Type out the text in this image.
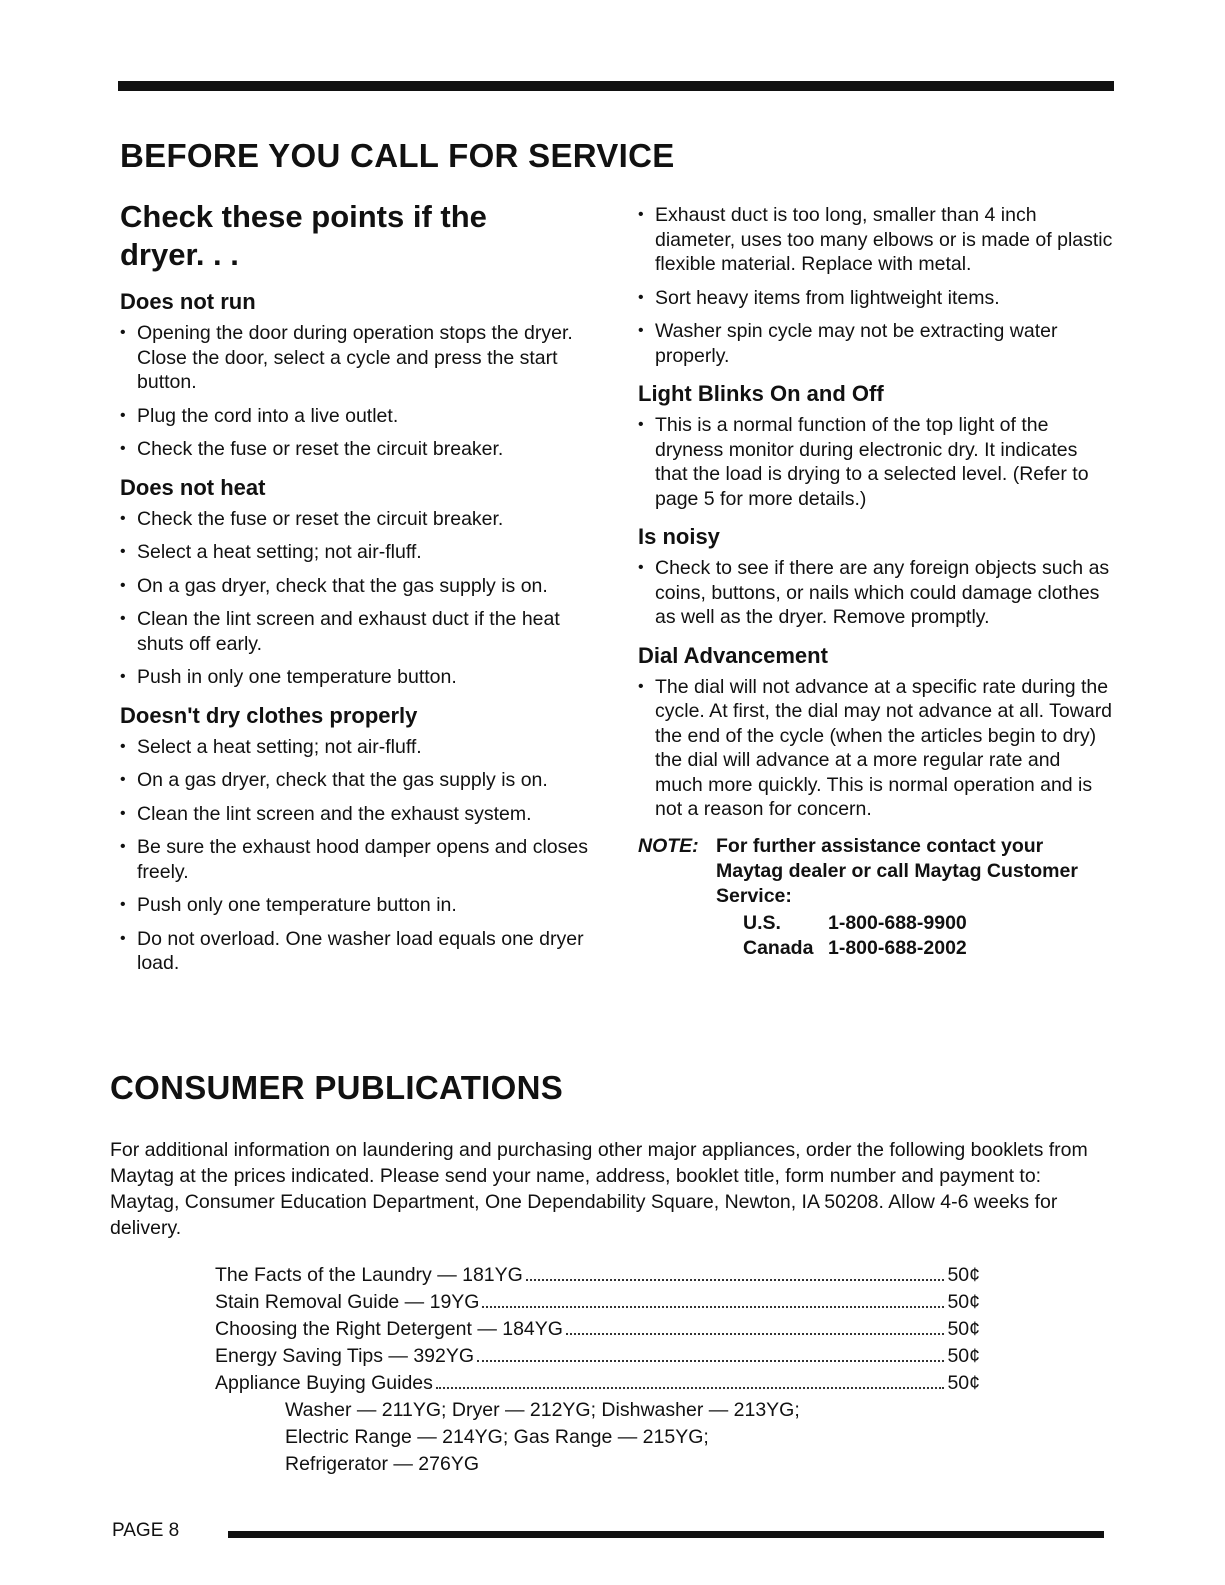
BEFORE YOU CALL FOR SERVICE
Check these points if the dryer. . .
Does not run
• Opening the door during operation stops the dryer. Close the door, select a cycle and press the start button.
• Plug the cord into a live outlet.
• Check the fuse or reset the circuit breaker.
Does not heat
• Check the fuse or reset the circuit breaker.
• Select a heat setting; not air-fluff.
• On a gas dryer, check that the gas supply is on.
• Clean the lint screen and exhaust duct if the heat shuts off early.
• Push in only one temperature button.
Doesn't dry clothes properly
• Select a heat setting; not air-fluff.
• On a gas dryer, check that the gas supply is on.
• Clean the lint screen and the exhaust system.
• Be sure the exhaust hood damper opens and closes freely.
• Push only one temperature button in.
• Do not overload. One washer load equals one dryer load.
• Exhaust duct is too long, smaller than 4 inch diameter, uses too many elbows or is made of plastic flexible material. Replace with metal.
• Sort heavy items from lightweight items.
• Washer spin cycle may not be extracting water properly.
Light Blinks On and Off
• This is a normal function of the top light of the dryness monitor during electronic dry. It indicates that the load is drying to a selected level. (Refer to page 5 for more details.)
Is noisy
• Check to see if there are any foreign objects such as coins, buttons, or nails which could damage clothes as well as the dryer. Remove promptly.
Dial Advancement
• The dial will not advance at a specific rate during the cycle. At first, the dial may not advance at all. Toward the end of the cycle (when the articles begin to dry) the dial will advance at a more regular rate and much more quickly. This is normal operation and is not a reason for concern.
NOTE: For further assistance contact your Maytag dealer or call Maytag Customer Service:
U.S.	1-800-688-9900
Canada 1-800-688-2002
CONSUMER PUBLICATIONS
For additional information on laundering and purchasing other major appliances, order the following booklets from Maytag at the prices indicated. Please send your name, address, booklet title, form number and payment to: Maytag, Consumer Education Department, One Dependability Square, Newton, IA 50208. Allow 4-6 weeks for delivery.
The Facts of the Laundry — 181YG	50¢
Stain Removal Guide — 19YG	50¢
Choosing the Right Detergent — 184YG	50¢
Energy Saving Tips — 392YG	50¢
Appliance Buying Guides	50¢
Washer — 211YG; Dryer — 212YG; Dishwasher — 213YG;
Electric Range — 214YG; Gas Range — 215YG;
Refrigerator — 276YG
PAGE 8
